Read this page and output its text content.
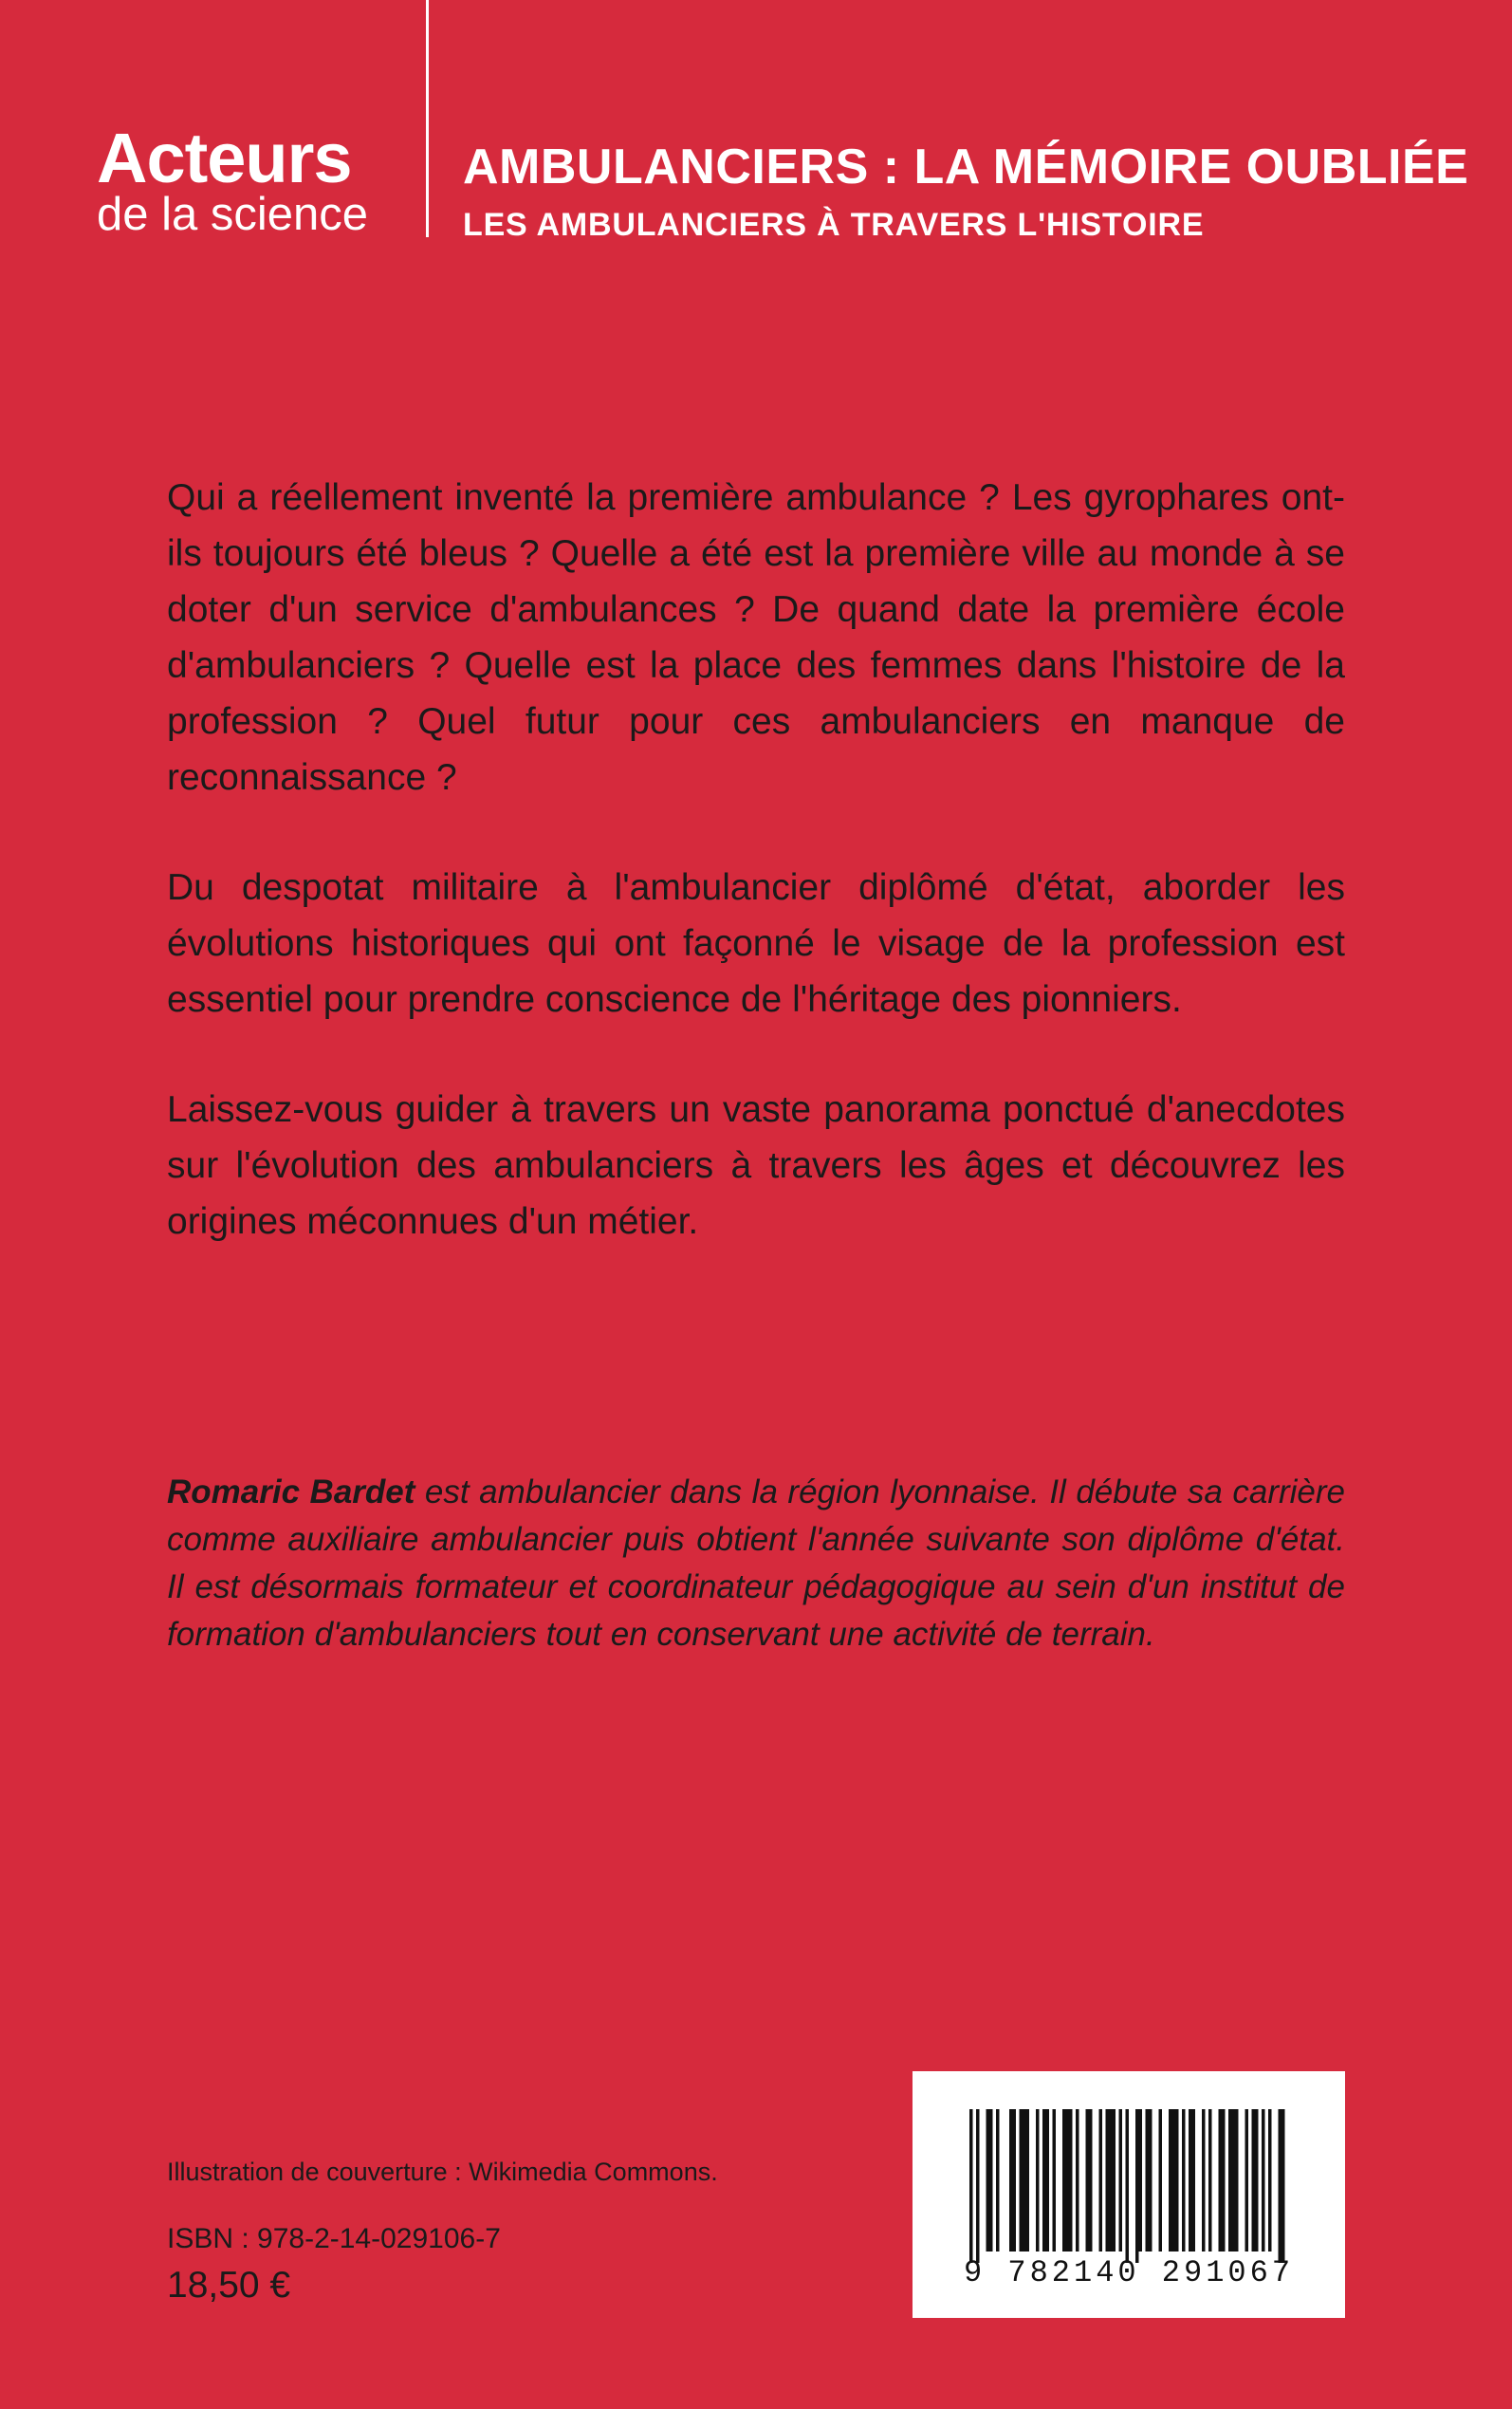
Acteurs
de la science
AMBULANCIERS : LA MÉMOIRE OUBLIÉE
LES AMBULANCIERS À TRAVERS L'HISTOIRE

Qui a réellement inventé la première ambulance ? Les gyrophares ont-ils toujours été bleus ? Quelle a été est la première ville au monde à se doter d'un service d'ambulances ? De quand date la première école d'ambulanciers ? Quelle est la place des femmes dans l'histoire de la profession ? Quel futur pour ces ambulanciers en manque de reconnaissance ?

Du despotat militaire à l'ambulancier diplômé d'état, aborder les évolutions historiques qui ont façonné le visage de la profession est essentiel pour prendre conscience de l'héritage des pionniers.

Laissez-vous guider à travers un vaste panorama ponctué d'anecdotes sur l'évolution des ambulanciers à travers les âges et découvrez les origines méconnues d'un métier.

Romaric Bardet est ambulancier dans la région lyonnaise. Il débute sa carrière comme auxiliaire ambulancier puis obtient l'année suivante son diplôme d'état. Il est désormais formateur et coordinateur pédagogique au sein d'un institut de formation d'ambulanciers tout en conservant une activité de terrain.

Illustration de couverture : Wikimedia Commons.
ISBN : 978-2-14-029106-7
18,50 €	9 782140 291067
